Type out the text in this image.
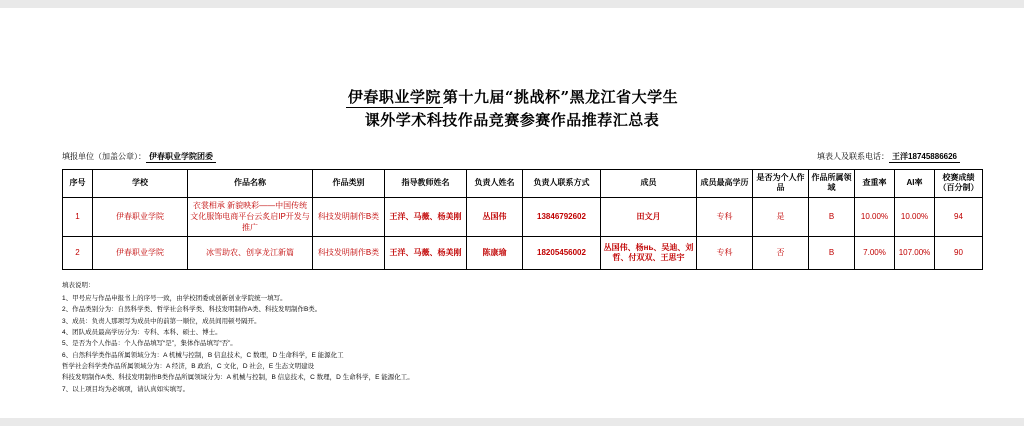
伊春职业学院 第十九届“挑战杯”黑龙江省大学生
课外学术科技作品竞赛参赛作品推荐汇总表
填报单位（加盖公章）： 伊春职业学院团委	填表人及联系电话： 王洋18745886626
序号	学校	作品名称	作品类别	指导教师姓名	负责人姓名	负责人联系方式	成员	成员最高学历	是否为个人作品	作品所属领域	查重率	AI率	校赛成绩（百分制）
1	伊春职业学院	衣裳相承 新貌映彩——中国传统文化服饰电商平台云炙启IP开发与推广	科技发明制作B类	王洋、马薇、杨美刚	丛国伟	13846792602	田文月	专科	是	B	10.00%	10.00%	94
2	伊春职业学院	冰雪助农、创享龙江新篇	科技发明制作B类	王洋、马薇、杨美刚	陈康瑜	18205456002	丛国伟、杨нь、吴迪、刘哲、付双双、王思宇	专科	否	B	7.00%	107.00%	90
填表说明：
1、甲号应与作品申报书上的序号一致，由学校团委或创新创业学院统一填写。
2、作品类别分为：自然科学类、哲学社会科学类、科技发明制作A类、科技发明制作B类。
3、成员：负责人那项写为成员中的前第一顺位，成员间用顿号隔开。
4、团队成员最高学历分为：专科、本科、硕士、博士。
5、是否为个人作品：个人作品填写“是”，集体作品填写“否”。
6、自然科学类作品所属领域分为：A 机械与控制，B 信息技术，C 数理，D 生命科学，E 能源化工
哲学社会科学类作品所属领域分为：A 经济，B 政治，C 文化，D 社会，E 生态文明建设
科技发明制作A类、科技发明制作B类作品所属领域分为：A 机械与控制，B 信息技术，C 数理，D 生命科学，E 能源化工。
7、以上项目均为必填项，请认真如实填写。
